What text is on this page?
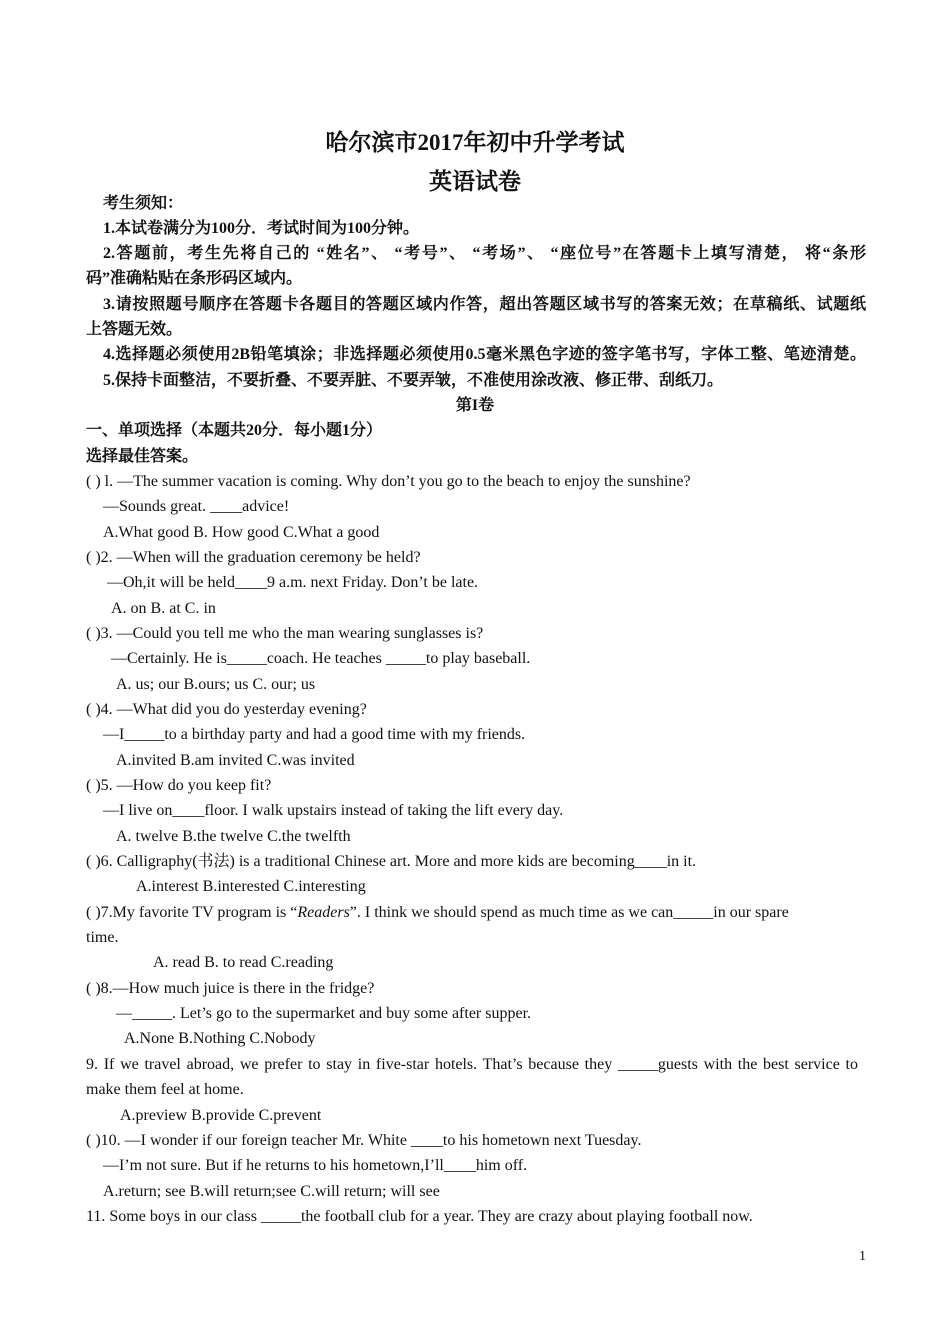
哈尔滨市2017年初中升学考试
英语试卷
考生须知：
1.本试卷满分为100分．考试时间为100分钟。
2.答题前，考生先将自己的 “姓名”、 “考号”、 “考场”、 “座位号”在答题卡上填写清楚， 将“条形
码”准确粘贴在条形码区域内。
3.请按照题号顺序在答题卡各题目的答题区域内作答，超出答题区域书写的答案无效；在草稿纸、试题纸
上答题无效。
4.选择题必须使用2B铅笔填涂；非选择题必须使用0.5毫米黑色字迹的签字笔书写，字体工整、笔迹清楚。
5.保持卡面整洁，不要折叠、不要弄脏、不要弄皱，不准使用涂改液、修正带、刮纸刀。
第I卷
一、单项选择（本题共20分．每小题1分）
选择最佳答案。
( ) l. —The summer vacation is coming. Why don’t you go to the beach to enjoy the sunshine?
—Sounds great. ____advice!
A.What good B. How good C.What a good
( )2. —When will the graduation ceremony be held?
—Oh,it will be held____9 a.m. next Friday. Don’t be late.
A. on B. at C. in
( )3. —Could you tell me who the man wearing sunglasses is?
—Certainly. He is_____coach. He teaches _____to play baseball.
A. us; our B.ours; us C. our; us
( )4. —What did you do yesterday evening?
—I_____to a birthday party and had a good time with my friends.
A.invited B.am invited C.was invited
( )5. —How do you keep fit?
—I live on____floor. I walk upstairs instead of taking the lift every day.
A. twelve B.the twelve C.the twelfth
( )6. Calligraphy(书法) is a traditional Chinese art. More and more kids are becoming____in it.
A.interest B.interested C.interesting
( )7.My favorite TV program is “Readers”. I think we should spend as much time as we can_____in our spare
time.
A. read B. to read C.reading
( )8.—How much juice is there in the fridge?
—_____. Let’s go to the supermarket and buy some after supper.
A.None B.Nothing C.Nobody
9. If we travel abroad, we prefer to stay in five-star hotels. That’s because they _____guests with the best service to
make them feel at home.
A.preview B.provide C.prevent
( )10. —I wonder if our foreign teacher Mr. White ____to his hometown next Tuesday.
—I’m not sure. But if he returns to his hometown,I’ll____him off.
A.return; see B.will return;see C.will return; will see
11. Some boys in our class _____the football club for a year. They are crazy about playing football now.
1
